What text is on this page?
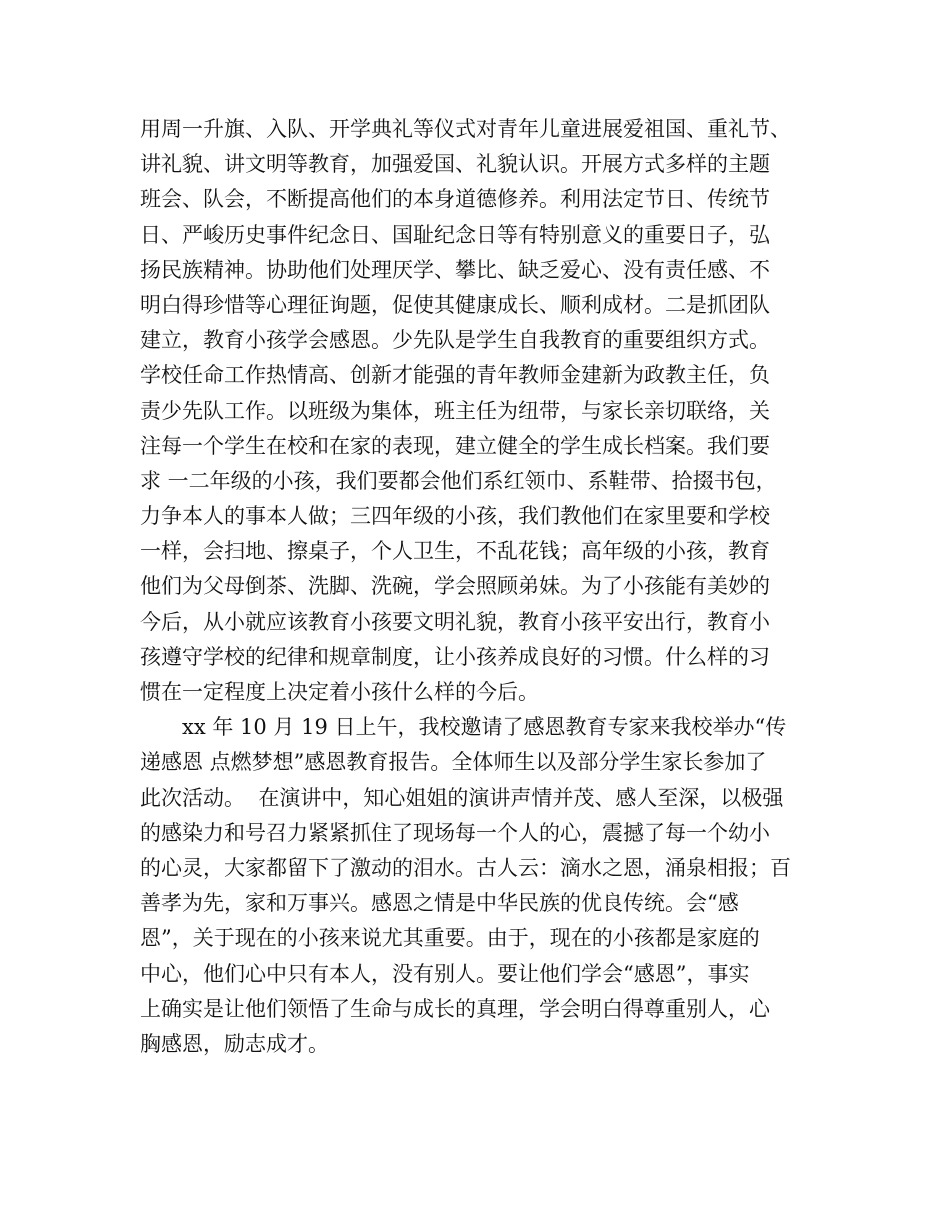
用周一升旗、入队、开学典礼等仪式对青年儿童进展爱祖国、重礼节、
讲礼貌、讲文明等教育，加强爱国、礼貌认识。开展方式多样的主题
班会、队会，不断提高他们的本身道德修养。利用法定节日、传统节
日、严峻历史事件纪念日、国耻纪念日等有特别意义的重要日子，弘
扬民族精神。协助他们处理厌学、攀比、缺乏爱心、没有责任感、不
明白得珍惜等心理征询题，促使其健康成长、顺利成材。二是抓团队
建立，教育小孩学会感恩。少先队是学生自我教育的重要组织方式。
学校任命工作热情高、创新才能强的青年教师金建新为政教主任，负
责少先队工作。以班级为集体，班主任为纽带，与家长亲切联络，关
注每一个学生在校和在家的表现，建立健全的学生成长档案。我们要
求 一二年级的小孩，我们要都会他们系红领巾、系鞋带、拾掇书包，
力争本人的事本人做；三四年级的小孩，我们教他们在家里要和学校
一样，会扫地、擦桌子，个人卫生，不乱花钱；高年级的小孩，教育
他们为父母倒茶、洗脚、洗碗，学会照顾弟妹。为了小孩能有美妙的
今后，从小就应该教育小孩要文明礼貌，教育小孩平安出行，教育小
孩遵守学校的纪律和规章制度，让小孩养成良好的习惯。什么样的习
惯在一定程度上决定着小孩什么样的今后。
xx 年 10 月 19 日上午，我校邀请了感恩教育专家来我校举办“传
递感恩 点燃梦想”感恩教育报告。全体师生以及部分学生家长参加了
此次活动。  在演讲中，知心姐姐的演讲声情并茂、感人至深，以极强
的感染力和号召力紧紧抓住了现场每一个人的心，震撼了每一个幼小
的心灵，大家都留下了激动的泪水。古人云：滴水之恩，涌泉相报；百
善孝为先，家和万事兴。感恩之情是中华民族的优良传统。会“感
恩”，关于现在的小孩来说尤其重要。由于，现在的小孩都是家庭的
中心，他们心中只有本人，没有别人。要让他们学会“感恩”，事实
上确实是让他们领悟了生命与成长的真理，学会明白得尊重别人，心
胸感恩，励志成才。
